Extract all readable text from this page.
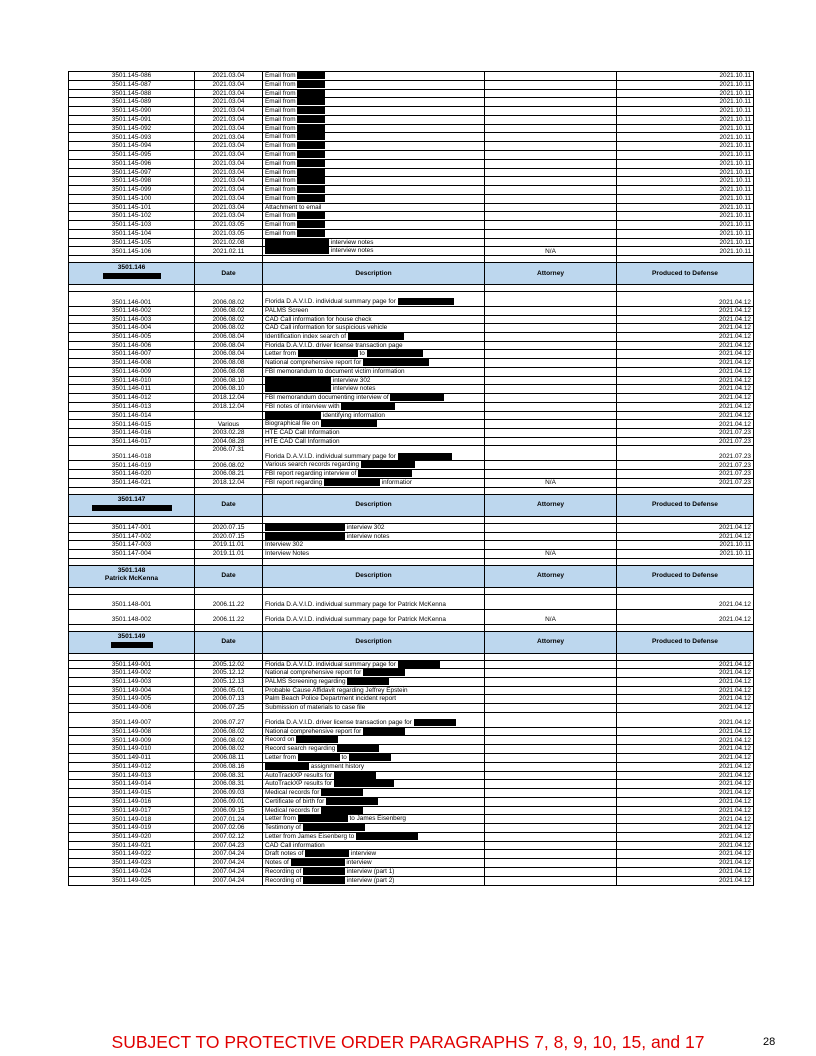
3501.145-086	2021.03.04	Email from		2021.10.11
3501.145-087	2021.03.04	Email from		2021.10.11
3501.145-088	2021.03.04	Email from		2021.10.11
3501.145-089	2021.03.04	Email from		2021.10.11
3501.145-090	2021.03.04	Email from		2021.10.11
3501.145-091	2021.03.04	Email from		2021.10.11
3501.145-092	2021.03.04	Email from		2021.10.11
3501.145-093	2021.03.04	Email from		2021.10.11
3501.145-094	2021.03.04	Email from		2021.10.11
3501.145-095	2021.03.04	Email from		2021.10.11
3501.145-096	2021.03.04	Email from		2021.10.11
3501.145-097	2021.03.04	Email from		2021.10.11
3501.145-098	2021.03.04	Email from		2021.10.11
3501.145-099	2021.03.04	Email from		2021.10.11
3501.145-100	2021.03.04	Email from		2021.10.11
3501.145-101	2021.03.04	Attachment to email		2021.10.11
3501.145-102	2021.03.04	Email from		2021.10.11
3501.145-103	2021.03.05	Email from		2021.10.11
3501.145-104	2021.03.05	Email from		2021.10.11
3501.145-105	2021.02.08	interview notes		2021.10.11
3501.145-106	2021.02.11	interview notes	N/A	2021.10.11

3501.146	Date	Description	Attorney	Produced to Defense

3501.146-001	2006.08.02	Florida D.A.V.I.D. individual summary page for		2021.04.12
3501.146-002	2006.08.02	PALMS Screen		2021.04.12
3501.146-003	2006.08.02	CAD Call information for house check		2021.04.12
3501.146-004	2006.08.02	CAD Call information for suspicious vehicle		2021.04.12
3501.146-005	2006.08.04	Identification index search of		2021.04.12
3501.146-006	2006.08.04	Florida D.A.V.I.D. driver license transaction page		2021.04.12
3501.146-007	2006.08.04	Letter from to		2021.04.12
3501.146-008	2006.08.08	National comprehensive report for		2021.04.12
3501.146-009	2006.08.08	FBI memorandum to document victim information		2021.04.12
3501.146-010	2006.08.10	interview 302		2021.04.12
3501.146-011	2006.08.10	interview notes		2021.04.12
3501.146-012	2018.12.04	FBI memorandum documenting interview of		2021.04.12
3501.146-013	2018.12.04	FBI notes of interview with		2021.04.12
3501.146-014		identifying information		2021.04.12
3501.146-015	Various	Biographical file on		2021.04.12
3501.146-016	2003.02.28	HTE CAD Call Information		2021.07.23
3501.146-017	2004.08.28	HTE CAD Call Information		2021.07.23
3501.146-018	2006.07.31	Florida D.A.V.I.D. individual summary page for		2021.07.23
3501.146-019	2006.08.02	Various search records regarding		2021.07.23
3501.146-020	2006.08.21	FBI report regarding interview of		2021.07.23
3501.146-021	2018.12.04	FBI report regarding informatior	N/A	2021.07.23

3501.147	Date	Description	Attorney	Produced to Defense

3501.147-001	2020.07.15	interview 302		2021.04.12
3501.147-002	2020.07.15	interview notes		2021.04.12
3501.147-003	2019.11.01	Interview 302		2021.10.11
3501.147-004	2019.11.01	Interview Notes	N/A	2021.10.11

3501.148
Patrick McKenna	Date	Description	Attorney	Produced to Defense

3501.148-001	2006.11.22	Florida D.A.V.I.D. individual summary page for Patrick McKenna		2021.04.12
3501.148-002	2006.11.22	Florida D.A.V.I.D. individual summary page for Patrick McKenna	N/A	2021.04.12

3501.149	Date	Description	Attorney	Produced to Defense

3501.149-001	2005.12.02	Florida D.A.V.I.D. individual summary page for		2021.04.12
3501.149-002	2005.12.12	National comprehensive report for		2021.04.12
3501.149-003	2005.12.13	PALMS Screening regarding		2021.04.12
3501.149-004	2006.05.01	Probable Cause Affidavit regarding Jeffrey Epstein		2021.04.12
3501.149-005	2006.07.13	Palm Beach Police Department incident report		2021.04.12
3501.149-006	2006.07.25	Submission of materials to case file		2021.04.12
3501.149-007	2006.07.27	Florida D.A.V.I.D. driver license transaction page for		2021.04.12
3501.149-008	2006.08.02	National comprehensive report for		2021.04.12
3501.149-009	2006.08.02	Record on		2021.04.12
3501.149-010	2006.08.02	Record search regarding		2021.04.12
3501.149-011	2006.08.11	Letter from to		2021.04.12
3501.149-012	2006.08.16	assignment history		2021.04.12
3501.149-013	2006.08.31	AutoTrackXP results for		2021.04.12
3501.149-014	2006.08.31	AutoTrackXP results for		2021.04.12
3501.149-015	2006.09.03	Medical records for		2021.04.12
3501.149-016	2006.09.01	Certificate of birth for		2021.04.12
3501.149-017	2006.09.15	Medical records for		2021.04.12
3501.149-018	2007.01.24	Letter from to James Eisenberg		2021.04.12
3501.149-019	2007.02.06	Testimony of		2021.04.12
3501.149-020	2007.02.12	Letter from James Eisenberg to		2021.04.12
3501.149-021	2007.04.23	CAD Call information		2021.04.12
3501.149-022	2007.04.24	Draft notes of interview		2021.04.12
3501.149-023	2007.04.24	Notes of interview		2021.04.12
3501.149-024	2007.04.24	Recording of interview (part 1)		2021.04.12
3501.149-025	2007.04.24	Recording of interview (part 2)		2021.04.12
SUBJECT TO PROTECTIVE ORDER PARAGRAPHS 7, 8, 9, 10, 15, and 17	28
